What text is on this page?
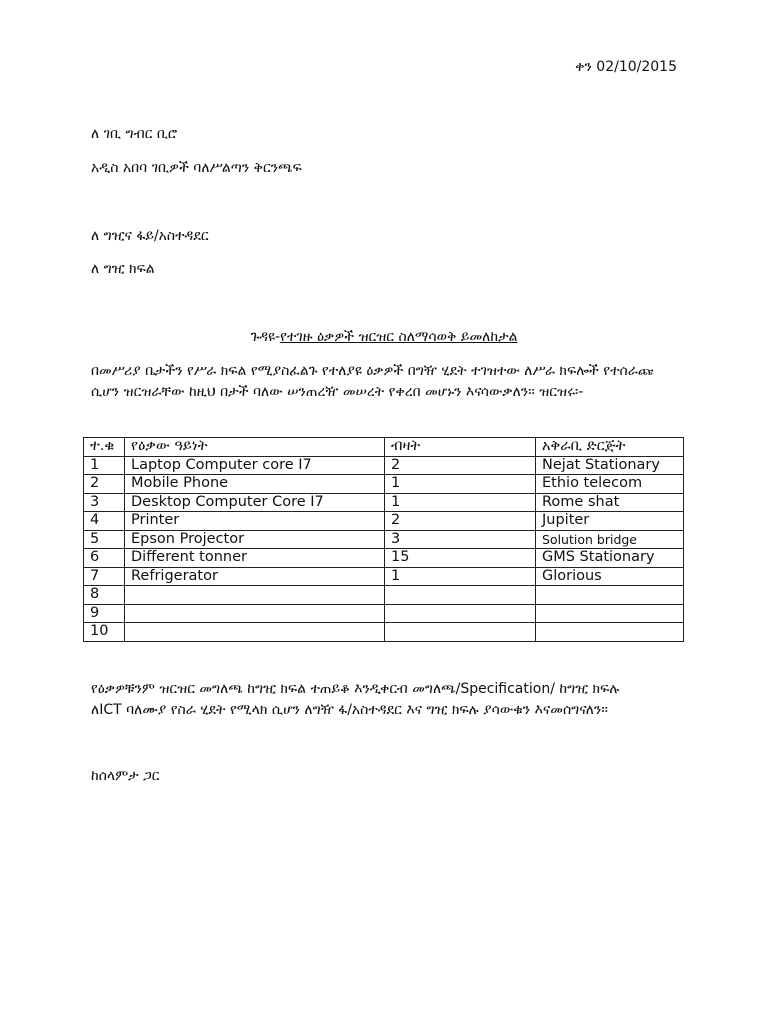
ቀን 02/10/2015
ለ ገቢ ግብር ቢሮ
አዲስ አበባ ገቢዎች ባለሥልጣን ቅርንጫፍ
ለ ግዢና ፋይ/አስተዳደር
ለ ግዢ ክፍል
ጉዳዩ-የተገዙ ዕቃዎች ዝርዝር ስለማሳወቅ ይመለከታል
በመሥሪያ ቤታችን የሥራ ክፍል የሚያስፈልጉ የተለያዩ ዕቃዎች በግዥ ሂደት ተገዝተው ለሥራ ክፍሎች የተሰራጩ ሲሆን ዝርዝራቸው ከዚህ በታች ባለው ሠንጠረዥ መሠረት የቀረበ መሆኑን እናሳውቃለን፡፡ ዝርዝሩ፡-
ተ.ቁ	የዕቃው ዓይነት	ብዛት	አቅራቢ ድርጅት
1	Laptop Computer core I7	2	Nejat Stationary
2	Mobile Phone	1	Ethio telecom
3	Desktop Computer Core I7	1	Rome shat
4	Printer	2	Jupiter
5	Epson Projector	3	Solution bridge
6	Different tonner	15	GMS Stationary
7	Refrigerator	1	Glorious
8			
9			
10			
የዕቃዎቹንም ዝርዝር መግለጫ ከግዢ ክፍል ተጠይቆ እንዲቀርብ መግለጫ/Specification/ ከግዢ ክፍሉ
ለICT ባለሙያ የስራ ሂደት የሚላክ ሲሆን ለግዥ ፋ/አስተዳደር እና ግዢ ክፍሉ ያሳውቁን እናመሰግናለን፡፡
ከሰላምታ ጋር
